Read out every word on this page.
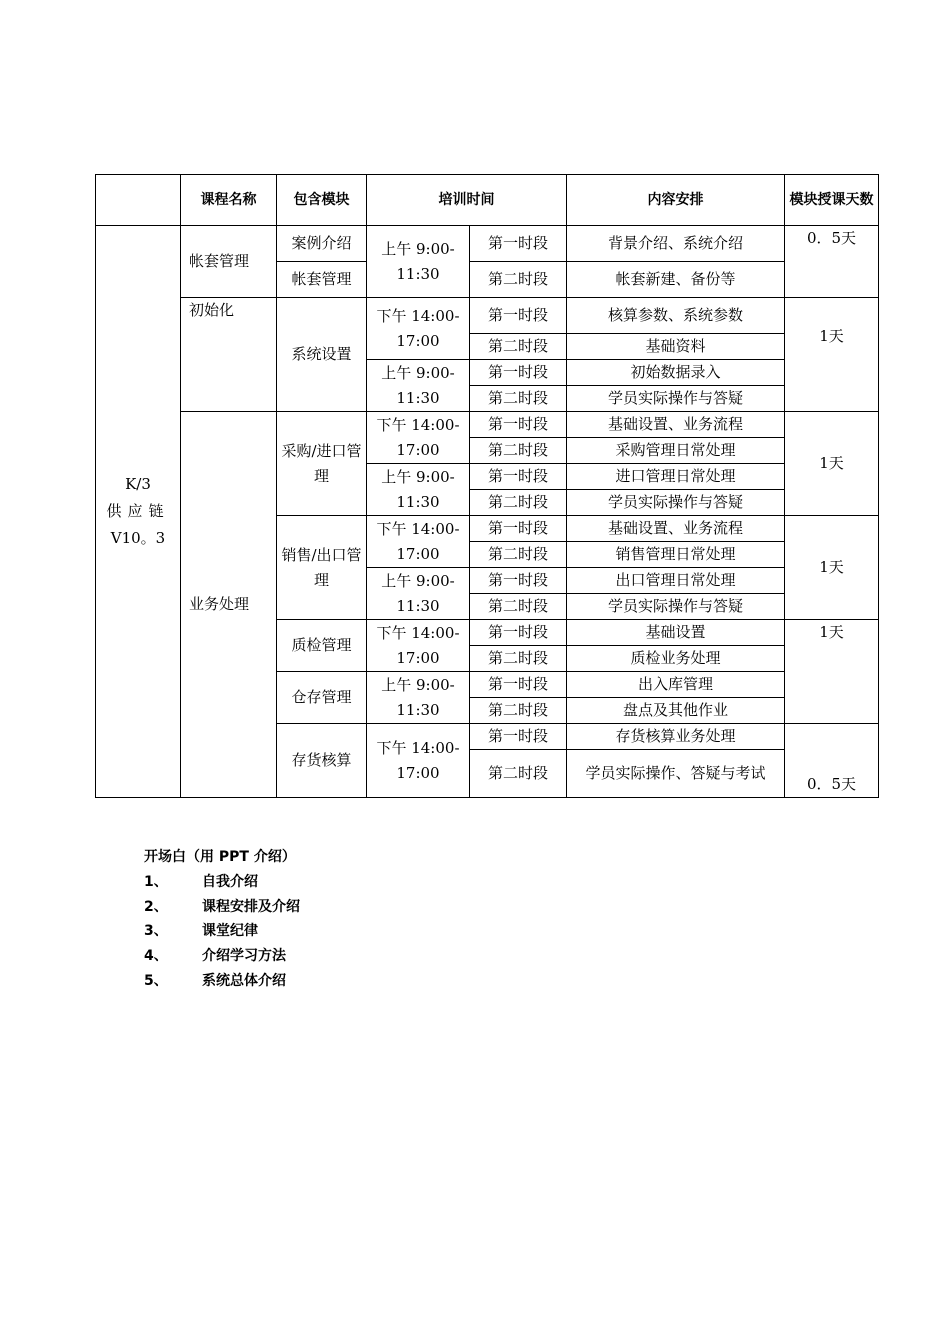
	课程名称	包含模块	培训时间		内容安排	模块授课天数

K/3
供应链
V10。3	帐套管理	案例介绍	上午 9:00-11:30	第一时段	背景介绍、系统介绍	0．5天
		帐套管理		第二时段	帐套新建、备份等	
	初始化	系统设置	下午 14:00-17:00	第一时段	核算参数、系统参数	1天
				第二时段	基础资料	
			上午 9:00-11:30	第一时段	初始数据录入	
				第二时段	学员实际操作与答疑	
	业务处理	采购/进口管理	下午 14:00-17:00	第一时段	基础设置、业务流程	1天
				第二时段	采购管理日常处理	
			上午 9:00-11:30	第一时段	进口管理日常处理	
				第二时段	学员实际操作与答疑	
		销售/出口管理	下午 14:00-17:00	第一时段	基础设置、业务流程	1天
				第二时段	销售管理日常处理	
			上午 9:00-11:30	第一时段	出口管理日常处理	
				第二时段	学员实际操作与答疑	
		质检管理	下午 14:00-17:00	第一时段	基础设置	1天
				第二时段	质检业务处理	
		仓存管理	上午 9:00-11:30	第一时段	出入库管理	
				第二时段	盘点及其他作业	
		存货核算	下午 14:00-17:00	第一时段	存货核算业务处理	0．5天
				第二时段	学员实际操作、答疑与考试	
开场白（用 PPT 介绍）
1、	自我介绍
2、	课程安排及介绍
3、	课堂纪律
4、	介绍学习方法
5、	系统总体介绍
